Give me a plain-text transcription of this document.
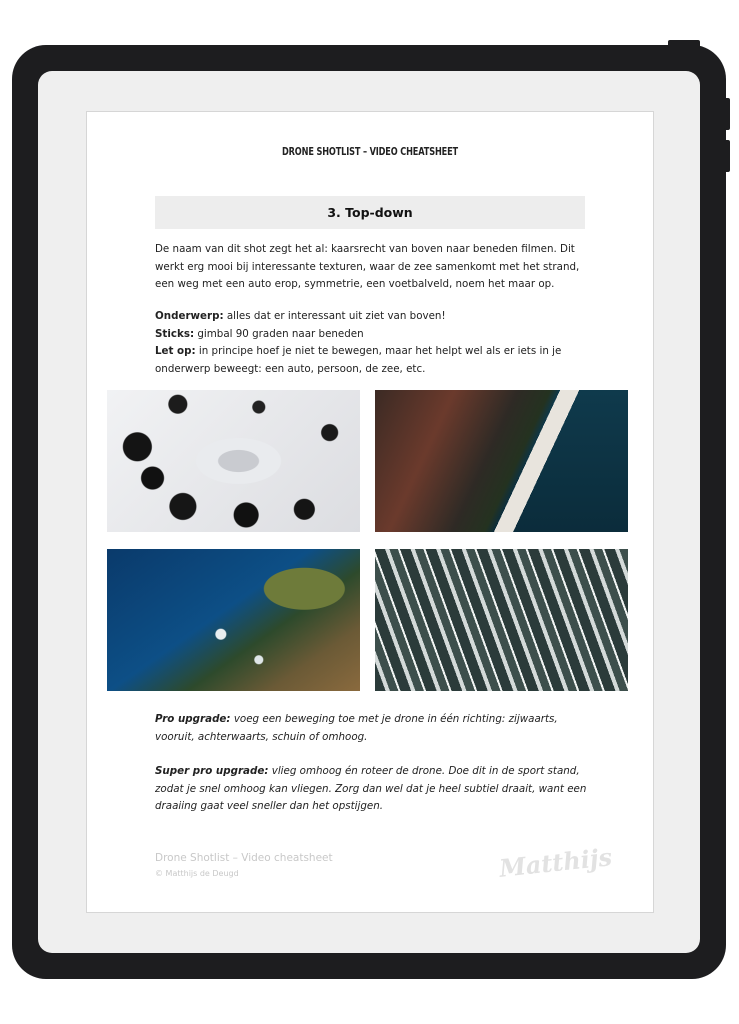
DRONE SHOTLIST – VIDEO CHEATSHEET
3. Top-down
De naam van dit shot zegt het al: kaarsrecht van boven naar beneden filmen. Dit werkt erg mooi bij interessante texturen, waar de zee samenkomt met het strand, een weg met een auto erop, symmetrie, een voetbalveld, noem het maar op.
Onderwerp: alles dat er interessant uit ziet van boven!
Sticks: gimbal 90 graden naar beneden
Let op: in principe hoef je niet te bewegen, maar het helpt wel als er iets in je onderwerp beweegt: een auto, persoon, de zee, etc.
Pro upgrade: voeg een beweging toe met je drone in één richting: zijwaarts, vooruit, achterwaarts, schuin of omhoog.
Super pro upgrade: vlieg omhoog én roteer de drone. Doe dit in de sport stand, zodat je snel omhoog kan vliegen. Zorg dan wel dat je heel subtiel draait, want een draaiing gaat veel sneller dan het opstijgen.
Drone Shotlist – Video cheatsheet
© Matthijs de Deugd	Matthijs
